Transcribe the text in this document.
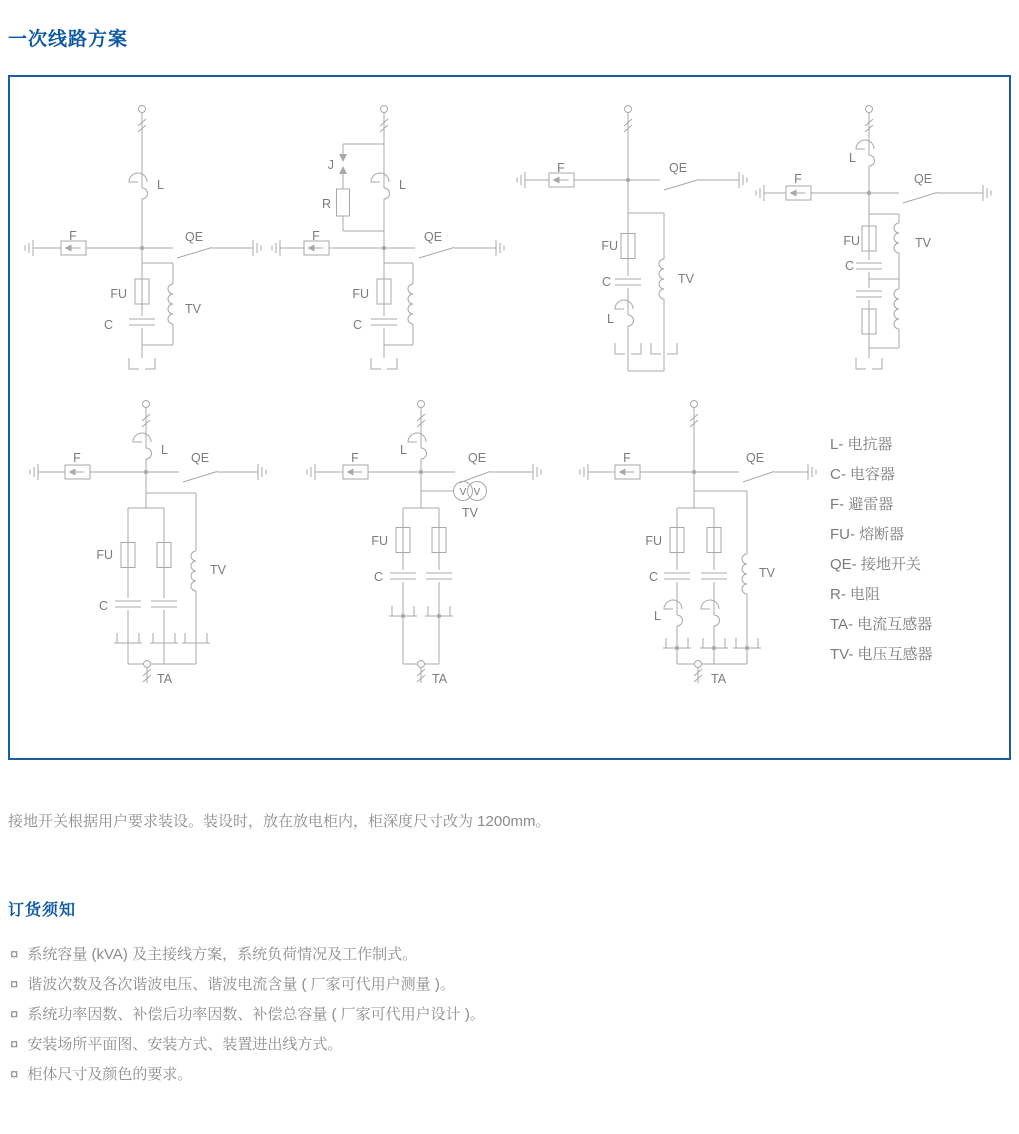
一次线路方案
L
F	QE
FU
C
TV
J
R
L
F	QE
FU
C
F	QE
FU
C
L
TV
L
F	QE
FU
C
TV
L
F	QE
FU
C
TV
TA
L
F	QE
V V
TV
FU
C
TA
F	QE
FU
C
L
TV
TA
L- 电抗器
C- 电容器
F- 避雷器
FU- 熔断器
QE- 接地开关
R- 电阻
TA- 电流互感器
TV- 电压互感器

接地开关根据用户要求装设。装设时，放在放电柜内，柜深度尺寸改为 1200mm。

订货须知
¤ 系统容量 (kVA) 及主接线方案，系统负荷情况及工作制式。
¤ 谐波次数及各次谐波电压、谐波电流含量 ( 厂家可代用户测量 )。
¤ 系统功率因数、补偿后功率因数、补偿总容量 ( 厂家可代用户设计 )。
¤ 安装场所平面图、安装方式、装置进出线方式。
¤ 柜体尺寸及颜色的要求。
